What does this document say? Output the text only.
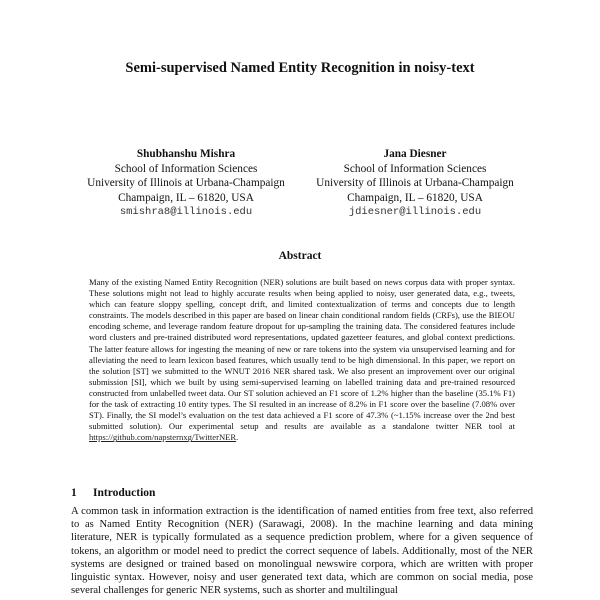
Semi-supervised Named Entity Recognition in noisy-text
Shubhanshu Mishra
School of Information Sciences
University of Illinois at Urbana-Champaign
Champaign, IL – 61820, USA
smishra8@illinois.edu
Jana Diesner
School of Information Sciences
University of Illinois at Urbana-Champaign
Champaign, IL – 61820, USA
jdiesner@illinois.edu
Abstract
Many of the existing Named Entity Recognition (NER) solutions are built based on news corpus data with proper syntax. These solutions might not lead to highly accurate results when being applied to noisy, user generated data, e.g., tweets, which can feature sloppy spelling, concept drift, and limited contextualization of terms and concepts due to length constraints. The models described in this paper are based on linear chain conditional random fields (CRFs), use the BIEOU encoding scheme, and leverage random feature dropout for up-sampling the training data. The considered features include word clusters and pre-trained distributed word representations, updated gazetteer features, and global context predictions. The latter feature allows for ingesting the meaning of new or rare tokens into the system via unsupervised learning and for alleviating the need to learn lexicon based features, which usually tend to be high dimensional. In this paper, we report on the solution [ST] we submitted to the WNUT 2016 NER shared task. We also present an improvement over our original submission [SI], which we built by using semi-supervised learning on labelled training data and pre-trained resourced constructed from unlabelled tweet data. Our ST solution achieved an F1 score of 1.2% higher than the baseline (35.1% F1) for the task of extracting 10 entity types. The SI resulted in an increase of 8.2% in F1 score over the baseline (7.08% over ST). Finally, the SI model’s evaluation on the test data achieved a F1 score of 47.3% (~1.15% increase over the 2nd best submitted solution). Our experimental setup and results are available as a standalone twitter NER tool at https://github.com/napsternxg/TwitterNER.
1 Introduction
A common task in information extraction is the identification of named entities from free text, also referred to as Named Entity Recognition (NER) (Sarawagi, 2008). In the machine learning and data mining literature, NER is typically formulated as a sequence prediction problem, where for a given sequence of tokens, an algorithm or model need to predict the correct sequence of labels. Additionally, most of the NER systems are designed or trained based on monolingual newswire corpora, which are written with proper linguistic syntax. However, noisy and user generated text data, which are common on social media, pose several challenges for generic NER systems, such as shorter and multilingual
